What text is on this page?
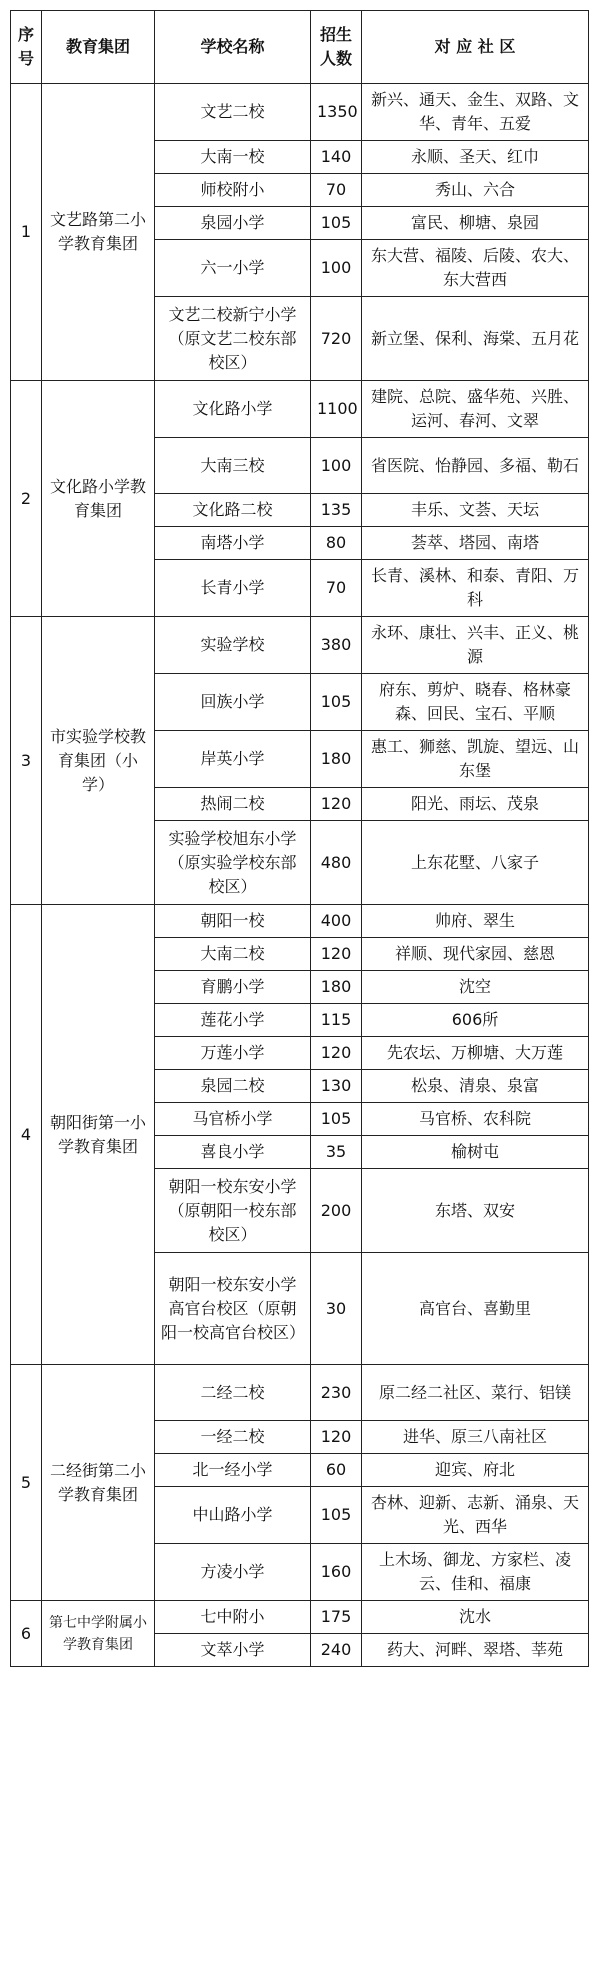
序号	教育集团	学校名称	招生人数	对 应 社 区
1	文艺路第二小学教育集团	文艺二校	1350	新兴、通天、金生、双路、文华、青年、五爱
		大南一校	140	永顺、圣天、红巾
		师校附小	70	秀山、六合
		泉园小学	105	富民、柳塘、泉园
		六一小学	100	东大营、福陵、后陵、农大、东大营西
		文艺二校新宁小学（原文艺二校东部校区）	720	新立堡、保利、海棠、五月花
2	文化路小学教育集团	文化路小学	1100	建院、总院、盛华苑、兴胜、运河、春河、文翠
		大南三校	100	省医院、怡静园、多福、勒石
		文化路二校	135	丰乐、文荟、天坛
		南塔小学	80	荟萃、塔园、南塔
		长青小学	70	长青、溪林、和泰、青阳、万科
3	市实验学校教育集团（小学）	实验学校	380	永环、康壮、兴丰、正义、桃源
		回族小学	105	府东、剪炉、晓春、格林豪森、回民、宝石、平顺
		岸英小学	180	惠工、狮慈、凯旋、望远、山东堡
		热闹二校	120	阳光、雨坛、茂泉
		实验学校旭东小学（原实验学校东部校区）	480	上东花墅、八家子
4	朝阳街第一小学教育集团	朝阳一校	400	帅府、翠生
		大南二校	120	祥顺、现代家园、慈恩
		育鹏小学	180	沈空
		莲花小学	115	606所
		万莲小学	120	先农坛、万柳塘、大万莲
		泉园二校	130	松泉、清泉、泉富
		马官桥小学	105	马官桥、农科院
		喜良小学	35	榆树屯
		朝阳一校东安小学（原朝阳一校东部校区）	200	东塔、双安
		朝阳一校东安小学高官台校区（原朝阳一校高官台校区）	30	高官台、喜勤里
5	二经街第二小学教育集团	二经二校	230	原二经二社区、菜行、铝镁
		一经二校	120	进华、原三八南社区
		北一经小学	60	迎宾、府北
		中山路小学	105	杏林、迎新、志新、涌泉、天光、西华
		方凌小学	160	上木场、御龙、方家栏、凌云、佳和、福康
6	第七中学附属小学教育集团	七中附小	175	沈水
		文萃小学	240	药大、河畔、翠塔、莘苑
